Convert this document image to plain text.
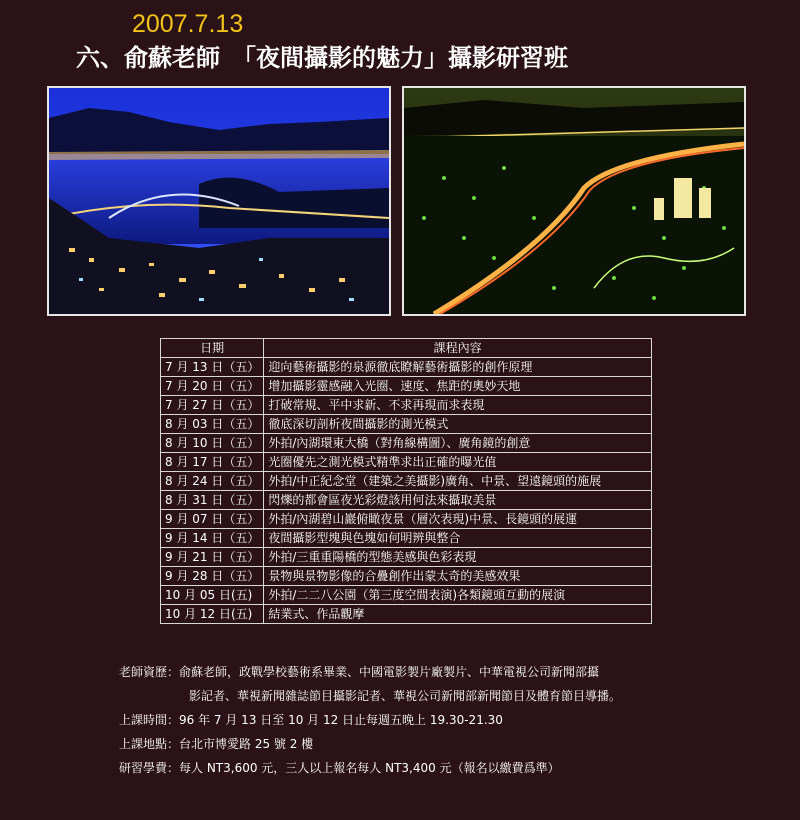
2007.7.13
六、俞蘇老師　「夜間攝影的魅力」攝影研習班
日期	課程內容
7 月 13 日（五）	迎向藝術攝影的泉源徹底瞭解藝術攝影的創作原理
7 月 20 日（五）	增加攝影靈感融入光圈、速度、焦距的奧妙天地
7 月 27 日（五）	打破常規、平中求新、不求再現而求表現
8 月 03 日（五）	徹底深切剖析夜間攝影的測光模式
8 月 10 日（五）	外拍/內湖環東大橋（對角線構圖）、廣角鏡的創意
8 月 17 日（五）	光圈優先之測光模式精準求出正確的曝光值
8 月 24 日（五）	外拍/中正紀念堂（建築之美攝影)廣角、中景、望遠鏡頭的施展
8 月 31 日（五）	閃爍的都會區夜光彩燈該用何法來攝取美景
9 月 07 日（五）	外拍/內湖碧山巖俯瞰夜景（層次表現)中景、長鏡頭的展運
9 月 14 日（五）	夜間攝影型塊與色塊如何明辨與整合
9 月 21 日（五）	外拍/三重重陽橋的型態美感與色彩表現
9 月 28 日（五）	景物與景物影像的合疊創作出蒙太奇的美感效果
10 月 05 日(五)	外拍/二二八公園（第三度空間表演)各類鏡頭互動的展演
10 月 12 日(五)	結業式、作品觀摩
老師資歷：俞蘇老師，政戰學校藝術系畢業、中國電影製片廠製片、中華電視公司新聞部攝
影記者、華視新聞雜誌節目攝影記者、華視公司新聞部新聞節目及體育節目導播。
上課時間：96 年 7 月 13 日至 10 月 12 日止每週五晚上 19.30-21.30
上課地點：台北市博愛路 25 號 2 樓
研習學費：每人 NT3,600 元，三人以上報名每人 NT3,400 元（報名以繳費爲準）
